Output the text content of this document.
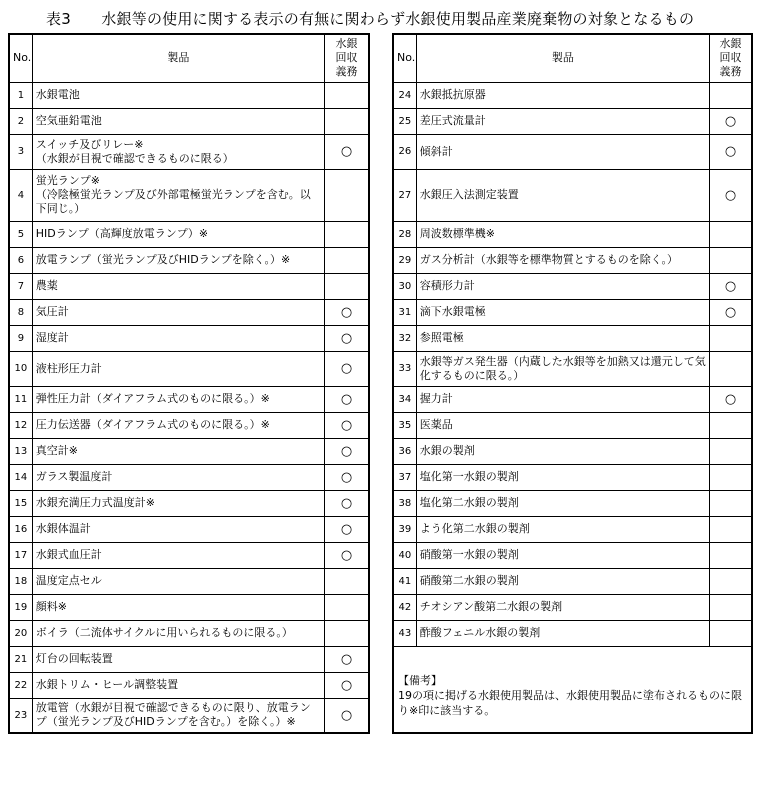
表3　　水銀等の使用に関する表示の有無に関わらず水銀使用製品産業廃棄物の対象となるもの
No.	製品	水銀
回収
義務
1	水銀電池	
2	空気亜鉛電池	
3	スイッチ及びリレー※
（水銀が目視で確認できるものに限る）	○
4	蛍光ランプ※
（冷陰極蛍光ランプ及び外部電極蛍光ランプを含む。以下同じ。）	
5	HIDランプ（高輝度放電ランプ）※	
6	放電ランプ（蛍光ランプ及びHIDランプを除く。）※	
7	農薬	
8	気圧計	○
9	湿度計	○
10	液柱形圧力計	○
11	弾性圧力計（ダイアフラム式のものに限る。）※	○
12	圧力伝送器（ダイアフラム式のものに限る。）※	○
13	真空計※	○
14	ガラス製温度計	○
15	水銀充満圧力式温度計※	○
16	水銀体温計	○
17	水銀式血圧計	○
18	温度定点セル	
19	顔料※	
20	ボイラ（二流体サイクルに用いられるものに限る。）	
21	灯台の回転装置	○
22	水銀トリム・ヒール調整装置	○
23	放電管（水銀が目視で確認できるものに限り、放電ランプ（蛍光ランプ及びHIDランプを含む。）を除く。）※	○
No.	製品	水銀
回収
義務
24	水銀抵抗原器	
25	差圧式流量計	○
26	傾斜計	○
27	水銀圧入法測定装置	○
28	周波数標準機※	
29	ガス分析計（水銀等を標準物質とするものを除く。）	
30	容積形力計	○
31	滴下水銀電極	○
32	参照電極	
33	水銀等ガス発生器（内蔵した水銀等を加熱又は還元して気化するものに限る。）	
34	握力計	○
35	医薬品	
36	水銀の製剤	
37	塩化第一水銀の製剤	
38	塩化第二水銀の製剤	
39	よう化第二水銀の製剤	
40	硝酸第一水銀の製剤	
41	硝酸第二水銀の製剤	
42	チオシアン酸第二水銀の製剤	
43	酢酸フェニル水銀の製剤	
【備考】
19の項に掲げる水銀使用製品は、水銀使用製品に塗布されるものに限り※印に該当する。
